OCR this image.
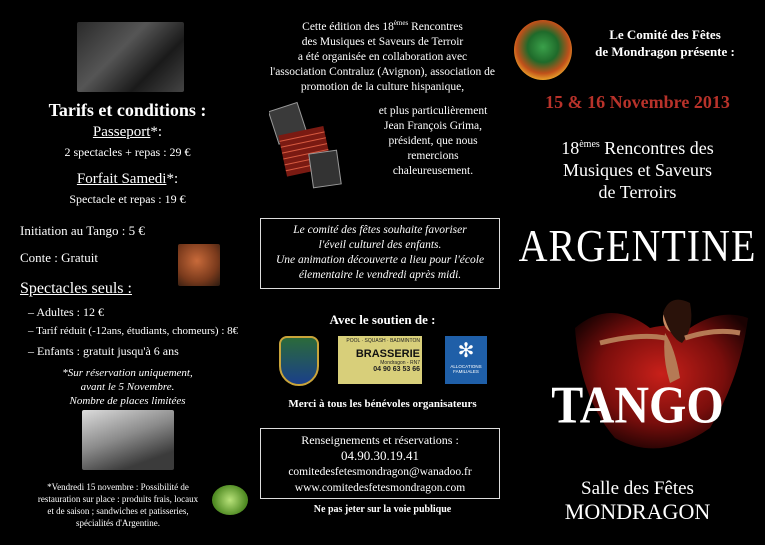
Tarifs et conditions :
Passeport*:
2 spectacles + repas : 29 €
Forfait Samedi*:
Spectacle et repas : 19 €
Initiation au Tango : 5 €
Conte : Gratuit
Spectacles seuls :
– Adultes : 12 €
– Tarif réduit (-12ans, étudiants, chomeurs) : 8€
– Enfants : gratuit jusqu'à 6 ans
*Sur réservation uniquement,
avant le 5 Novembre.
Nombre de places limitées
*Vendredi 15 novembre : Possibilité de
restauration sur place : produits frais, locaux
et de saison ; sandwiches et patisseries,
spécialités d'Argentine.
Cette édition des 18èmes Rencontres
des Musiques et Saveurs de Terroir
a été organisée en collaboration avec
l'association Contraluz (Avignon), association de
promotion de la culture hispanique,
et plus particulièrement
Jean François Grima,
président, que nous
remercions
chaleureusement.
Le comité des fêtes souhaite favoriser
l'éveil culturel des enfants.
Une animation découverte a lieu pour l'école
élementaire le vendredi après midi.
Avec le soutien de :
POOL · SQUASH · BADMINTON
BRASSERIE
Mondragon - RN7
04 90 63 53 66
✻
ALLOCATIONS
FAMILIALES
Merci à tous les bénévoles organisateurs
Renseignements et réservations :
04.90.30.19.41
comitedesfetesmondragon@wanadoo.fr
www.comitedesfetesmondragon.com
Ne pas jeter sur la voie publique
Le Comité des Fêtes
de Mondragon présente :
15 & 16 Novembre 2013
18èmes Rencontres des
Musiques et Saveurs
de Terroirs
ARGENTINE
TANGO
Salle des Fêtes
MONDRAGON
